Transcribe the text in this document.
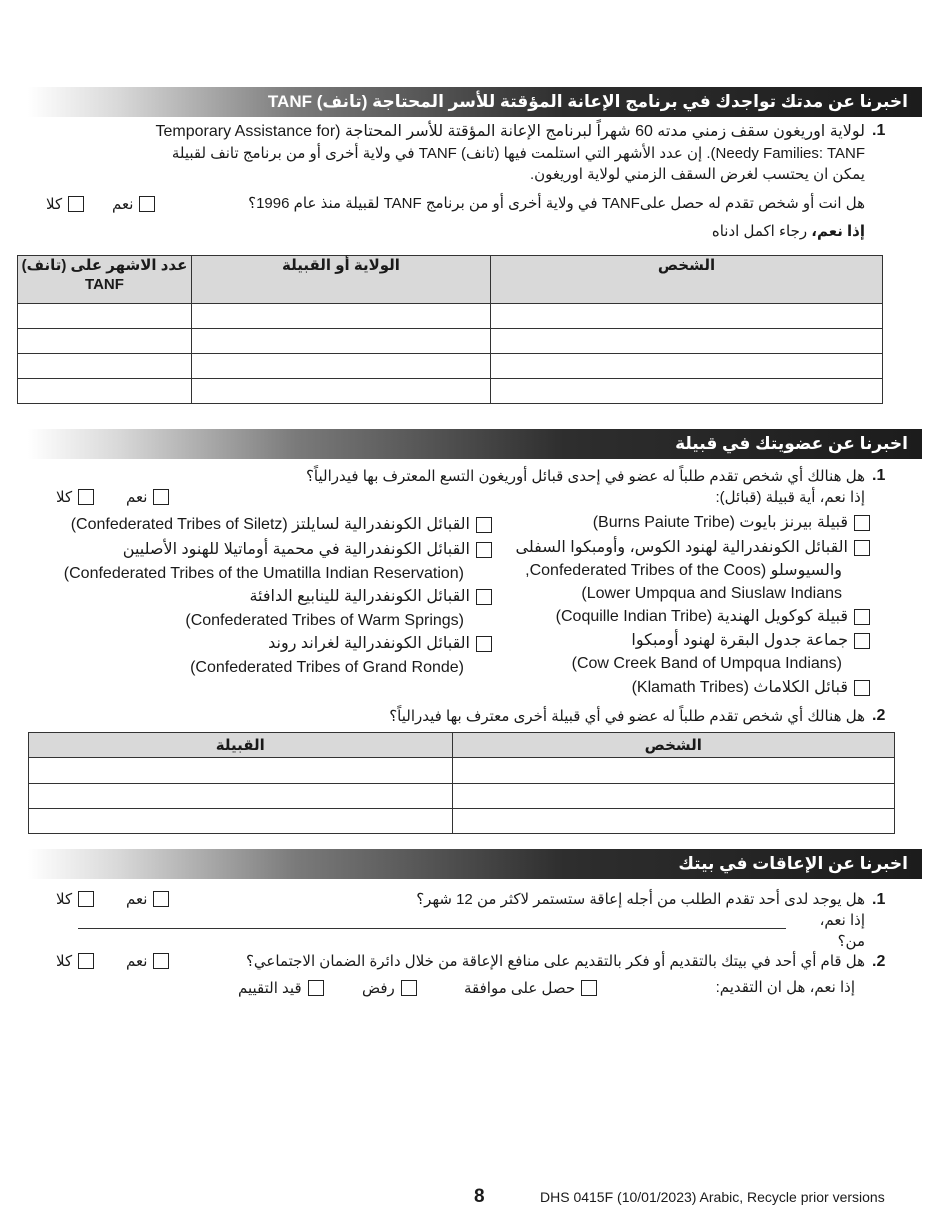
اخبرنا عن مدتك تواجدك في برنامج الإعانة المؤقتة للأسر المحتاجة (تانف) TANF
.1
لولاية اوريغون سقف زمني مدته 60 شهراً لبرنامج الإعانة المؤقتة للأسر المحتاجة (Temporary Assistance for
Needy Families: TANF). إن عدد الأشهر التي استلمت فيها (تانف) TANF في ولاية أخرى أو من برنامج تانف لقبيلة
يمكن ان يحتسب لغرض السقف الزمني لولاية اوريغون.
هل انت أو شخص تقدم له حصل علىTANF في ولاية أخرى أو من برنامج TANF لقبيلة منذ عام 1996؟
نعم
كلا
إذا نعم، رجاء اكمل ادناه
الشخص	الولاية أو القبيلة	عدد الاشهر على (تانف) TANF

اخبرنا عن عضويتك في قبيلة
.1
هل هنالك أي شخص تقدم طلباً له عضو في إحدى قبائل أوريغون التسع المعترف بها فيدرالياً؟
نعم
كلا	إذا نعم، أية قبيلة (قبائل):
قبيلة بيرنز بايوت (Burns Paiute Tribe)
القبائل الكونفدرالية لهنود الكوس، وأومبكوا السفلى
والسيوسلو (Confederated Tribes of the Coos,
Lower Umpqua and Siuslaw Indians)
قبيلة كوكويل الهندية (Coquille Indian Tribe)
جماعة جدول البقرة لهنود أومبكوا
(Cow Creek Band of Umpqua Indians)
قبائل الكلاماث (Klamath Tribes)
القبائل الكونفدرالية لسايلتز (Confederated Tribes of Siletz)
القبائل الكونفدرالية في محمية أوماتيلا للهنود الأصليين
(Confederated Tribes of the Umatilla Indian Reservation)
القبائل الكونفدرالية للينابيع الدافئة
(Confederated Tribes of Warm Springs)
القبائل الكونفدرالية لغراند روند
(Confederated Tribes of Grand Ronde)
.2
هل هنالك أي شخص تقدم طلباً له عضو في أي قبيلة أخرى معترف بها فيدرالياً؟
الشخص	القبيلة

اخبرنا عن الإعاقات في بيتك
.1
هل يوجد لدى أحد تقدم الطلب من أجله إعاقة ستستمر لاكثر من 12 شهر؟
نعم
كلا
إذا نعم، من؟
.2
هل قام أي أحد في بيتك بالتقديم أو فكر بالتقديم على منافع الإعاقة من خلال دائرة الضمان الاجتماعي؟
نعم
كلا
إذا نعم، هل ان التقديم:
حصل على موافقة
رفض
قيد التقييم
8	DHS 0415F (10/01/2023) Arabic, Recycle prior versions
